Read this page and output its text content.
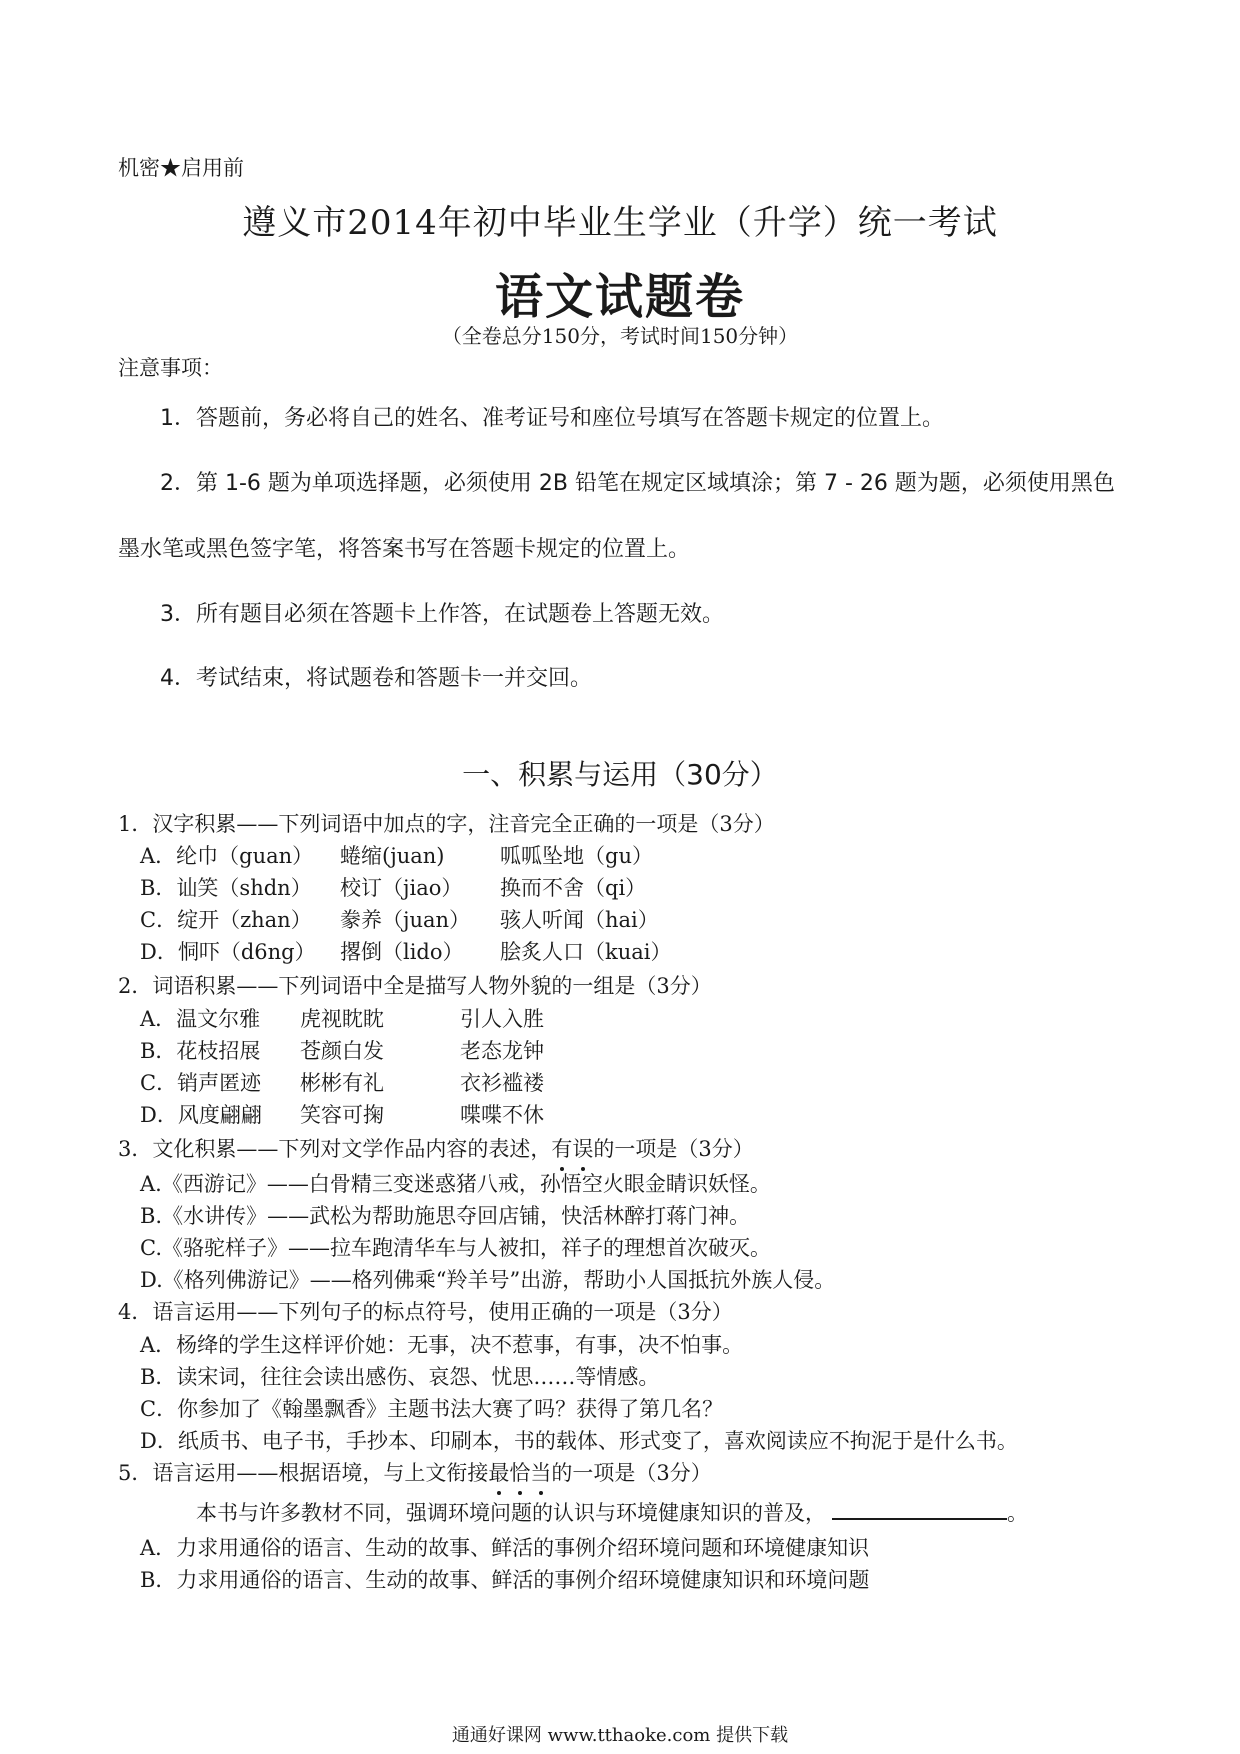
机密★启用前
遵义市2014年初中毕业生学业（升学）统一考试
语文试题卷
（全卷总分150分，考试时间150分钟）
注意事项：
1．答题前，务必将自己的姓名、准考证号和座位号填写在答题卡规定的位置上。
2．第 1-6 题为单项选择题，必须使用 2B 铅笔在规定区域填涂；第 7 - 26 题为题，必须使用黑色
墨水笔或黑色签字笔，将答案书写在答题卡规定的位置上。
3．所有题目必须在答题卡上作答，在试题卷上答题无效。
4．考试结束，将试题卷和答题卡一并交回。
一、积累与运用（30分）
1．汉字积累——下列词语中加点的字，注音完全正确的一项是（3分）
A．纶巾（guan） 蜷缩(juan)	呱呱坠地（gu）
B．讪笑（shdn） 校订（jiao） 换而不舍（qi）
C．绽开（zhan） 豢养（juan） 骇人听闻（hai）
D．恫吓（d6ng） 撂倒（lido） 脍炙人口（kuai）
2．词语积累——下列词语中全是描写人物外貌的一组是（3分）
A．温文尔雅 虎视眈眈	引人入胜
B．花枝招展 苍颜白发	老态龙钟
C．销声匿迹 彬彬有礼	衣衫褴褛
D．风度翩翩 笑容可掬	喋喋不休
3．文化积累——下列对文学作品内容的表述，有误的一项是（3分）
A.《西游记》——白骨精三变迷惑猪八戒，孙悟空火眼金睛识妖怪。
B.《水讲传》——武松为帮助施思夺回店铺，快活林醉打蒋门神。
C.《骆驼样子》——拉车跑清华车与人被扣，祥子的理想首次破灭。
D.《格列佛游记》——格列佛乘“羚羊号”出游，帮助小人国抵抗外族人侵。
4．语言运用——下列句子的标点符号，使用正确的一项是（3分）
A．杨绛的学生这样评价她：无事，决不惹事，有事，决不怕事。
B．读宋词，往往会读出感伤、哀怨、忧思……等情感。
C．你参加了《翰墨飘香》主题书法大赛了吗？获得了第几名？
D．纸质书、电子书，手抄本、印刷本，书的载体、形式变了，喜欢阅读应不拘泥于是什么书。
5．语言运用——根据语境，与上文衔接最恰当的一项是（3分）
本书与许多教材不同，强调环境问题的认识与环境健康知识的普及，	。
A．力求用通俗的语言、生动的故事、鲜活的事例介绍环境问题和环境健康知识
B．力求用通俗的语言、生动的故事、鲜活的事例介绍环境健康知识和环境问题
通通好课网 www.tthaoke.com 提供下载
